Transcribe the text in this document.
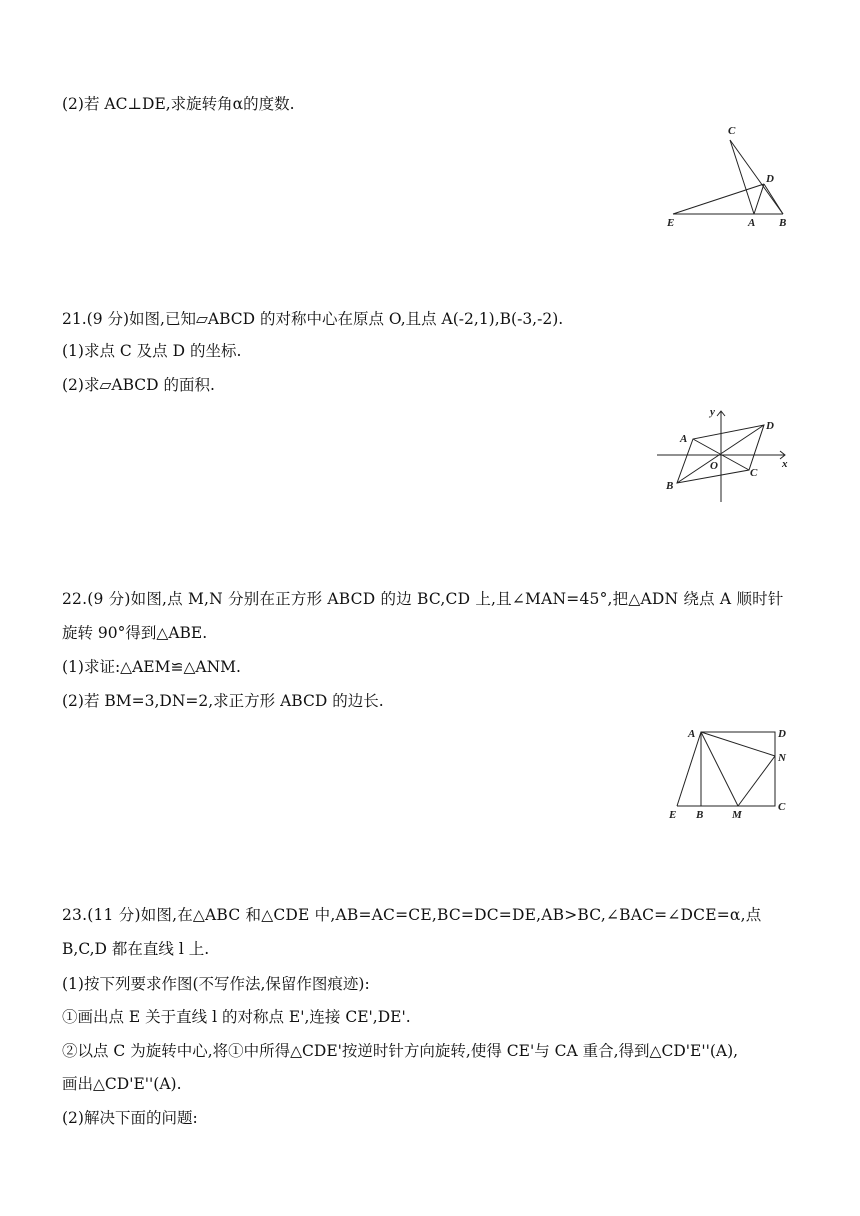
(2)若 AC⊥DE,求旋转角α的度数.
C
D
E	A B
21.(9 分)如图,已知▱ABCD 的对称中心在原点 O,且点 A(-2,1),B(-3,-2).
(1)求点 C 及点 D 的坐标.
(2)求▱ABCD 的面积.
y
x
O
A
B
C
D
22.(9 分)如图,点 M,N 分别在正方形 ABCD 的边 BC,CD 上,且∠MAN=45°,把△ADN 绕点 A 顺时针
旋转 90°得到△ABE.
(1)求证:△AEM≌△ANM.
(2)若 BM=3,DN=2,求正方形 ABCD 的边长.
A	D
N
C
E B	M
23.(11 分)如图,在△ABC 和△CDE 中,AB=AC=CE,BC=DC=DE,AB>BC,∠BAC=∠DCE=α,点
B,C,D 都在直线 l 上.
(1)按下列要求作图(不写作法,保留作图痕迹):
①画出点 E 关于直线 l 的对称点 E',连接 CE',DE'.
②以点 C 为旋转中心,将①中所得△CDE'按逆时针方向旋转,使得 CE'与 CA 重合,得到△CD'E''(A),
画出△CD'E''(A).
(2)解决下面的问题:
